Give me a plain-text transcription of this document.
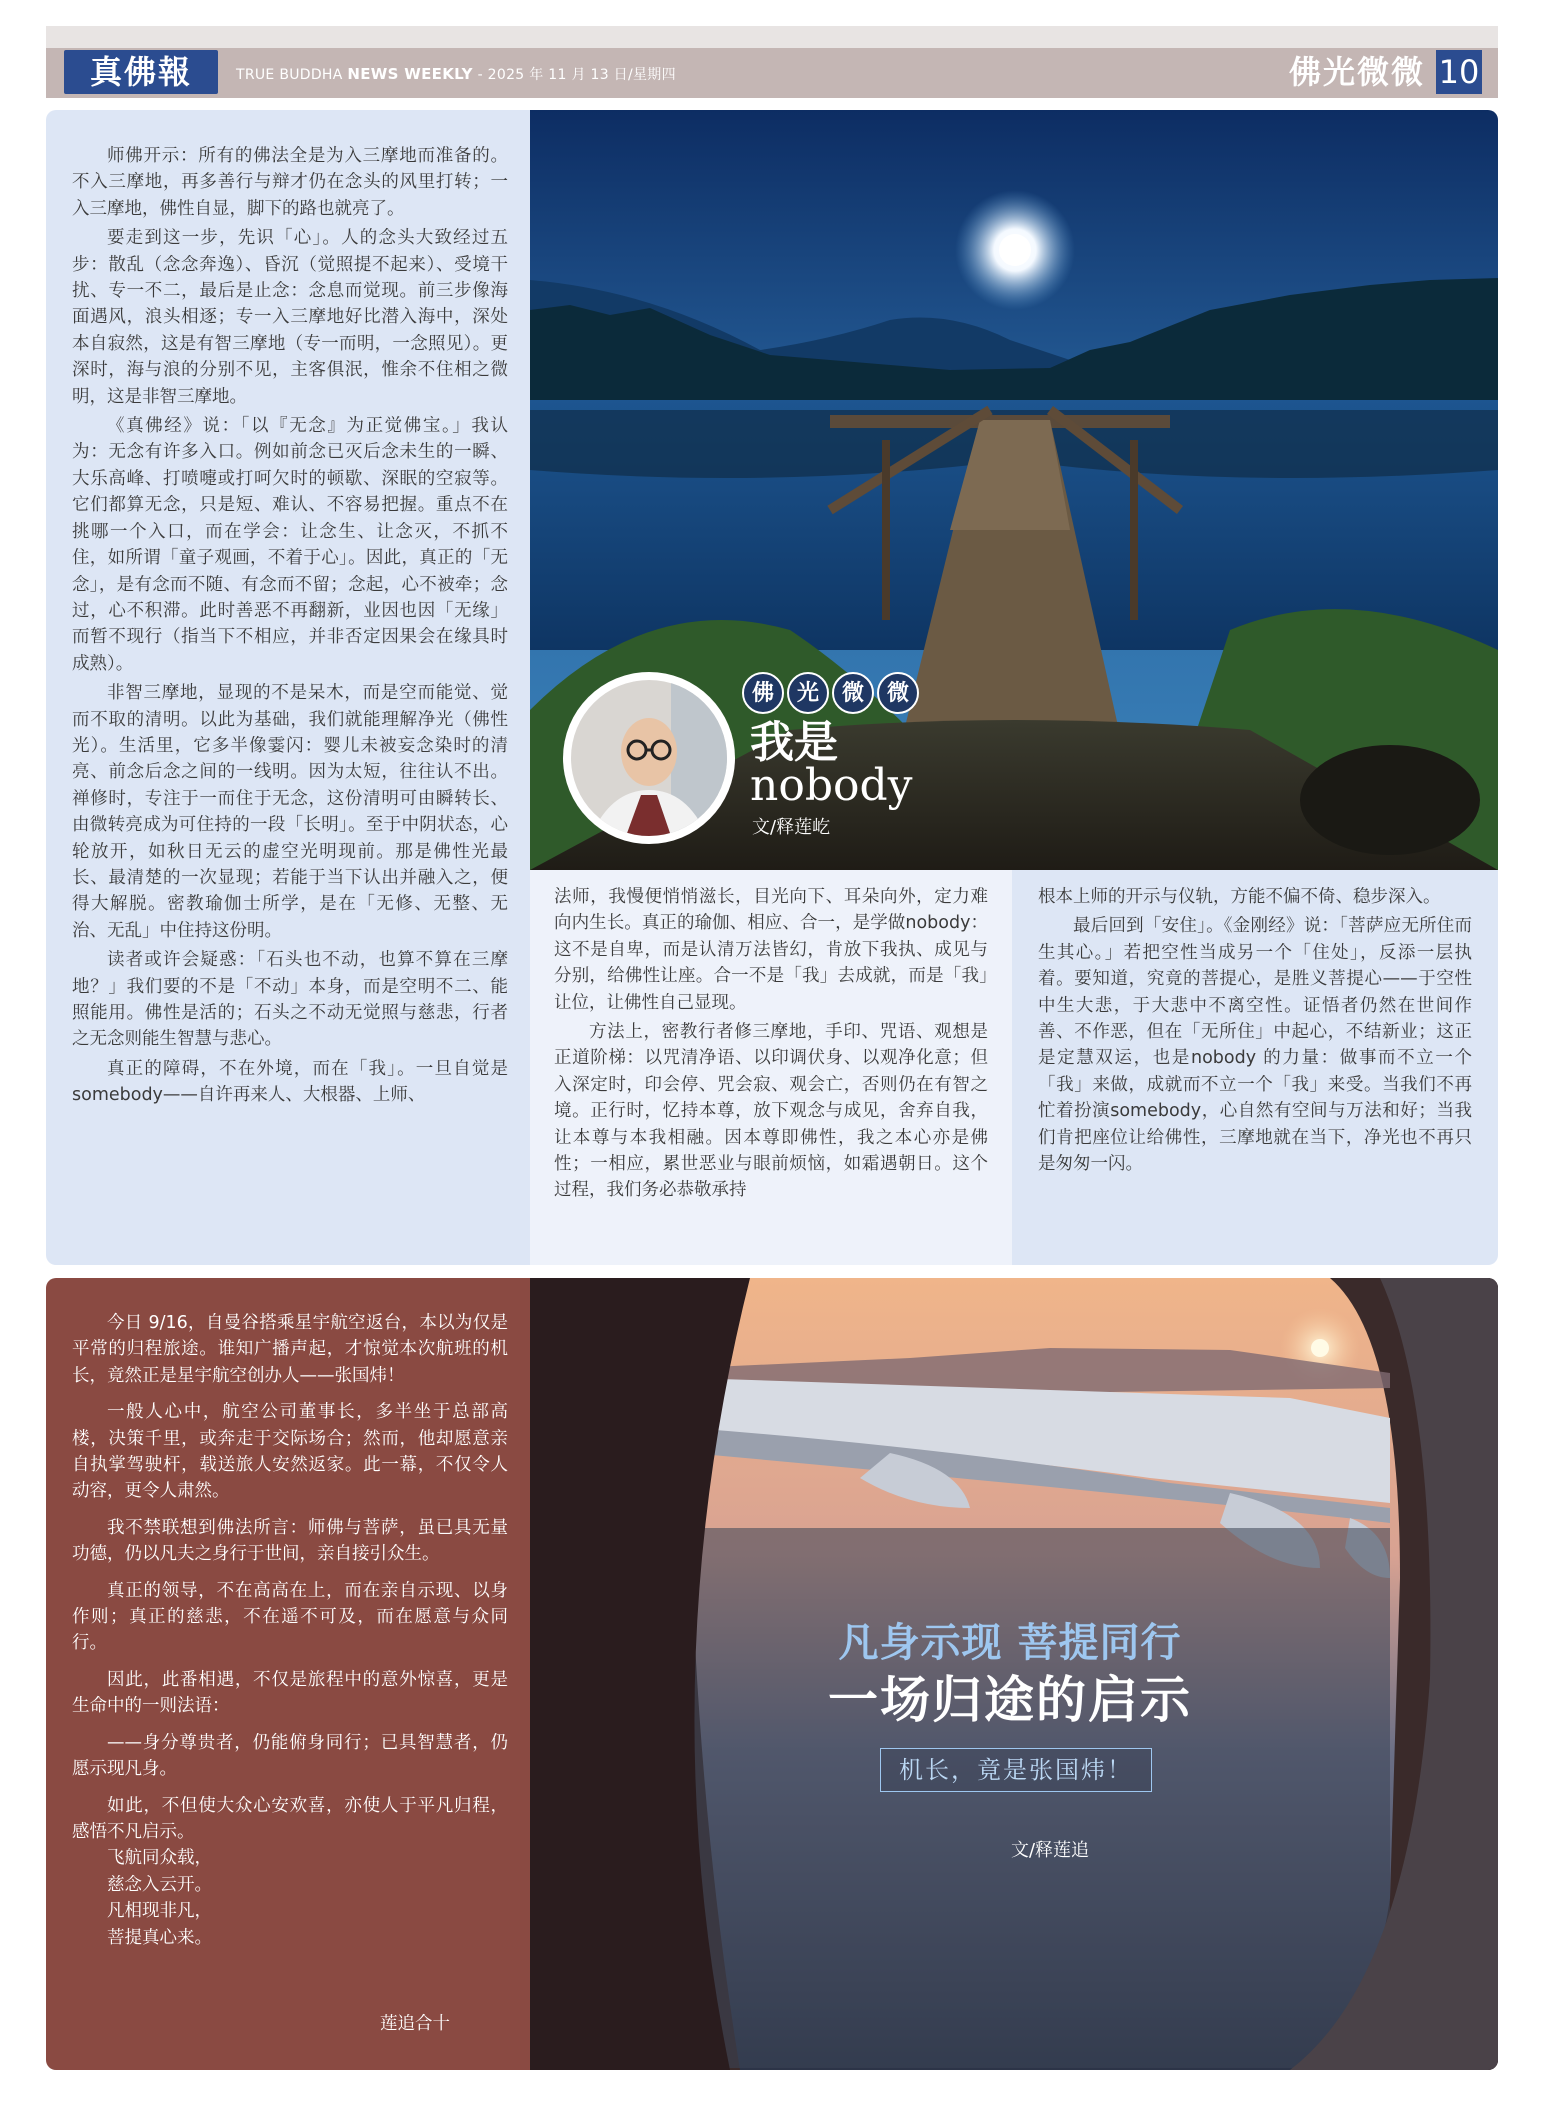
真佛報	TRUE BUDDHA NEWS WEEKLY - 2025 年 11 月 13 日/星期四	佛光微微 10
佛 光 微 微
我是
nobody
文/释莲屹

师佛开示：所有的佛法全是为入三摩地而准备的。不入三摩地，再多善行与辩才仍在念头的风里打转；一入三摩地，佛性自显，脚下的路也就亮了。

要走到这一步，先识「心」。人的念头大致经过五步：散乱（念念奔逸）、昏沉（觉照提不起来）、受境干扰、专一不二，最后是止念：念息而觉现。前三步像海面遇风，浪头相逐；专一入三摩地好比潜入海中，深处本自寂然，这是有智三摩地（专一而明，一念照见）。更深时，海与浪的分别不见，主客俱泯，惟余不住相之微明，这是非智三摩地。

《真佛经》说：「以『无念』为正觉佛宝。」我认为：无念有许多入口。例如前念已灭后念未生的一瞬、大乐高峰、打喷嚏或打呵欠时的顿歇、深眠的空寂等。它们都算无念，只是短、难认、不容易把握。重点不在挑哪一个入口，而在学会：让念生、让念灭，不抓不住，如所谓「童子观画，不着于心」。因此，真正的「无念」，是有念而不随、有念而不留；念起，心不被牵；念过，心不积滞。此时善恶不再翻新，业因也因「无缘」而暂不现行（指当下不相应，并非否定因果会在缘具时成熟）。

非智三摩地，显现的不是呆木，而是空而能觉、觉而不取的清明。以此为基础，我们就能理解净光（佛性光）。生活里，它多半像霎闪：婴儿未被妄念染时的清亮、前念后念之间的一线明。因为太短，往往认不出。禅修时，专注于一而住于无念，这份清明可由瞬转长、由微转亮成为可住持的一段「长明」。至于中阴状态，心轮放开，如秋日无云的虚空光明现前。那是佛性光最长、最清楚的一次显现；若能于当下认出并融入之，便得大解脱。密教瑜伽士所学，是在「无修、无整、无治、无乱」中住持这份明。

读者或许会疑惑：「石头也不动，也算不算在三摩地？」我们要的不是「不动」本身，而是空明不二、能照能用。佛性是活的；石头之不动无觉照与慈悲，行者之无念则能生智慧与悲心。

真正的障碍，不在外境，而在「我」。一旦自觉是somebody——自许再来人、大根器、上师、

法师，我慢便悄悄滋长，目光向下、耳朵向外，定力难向内生长。真正的瑜伽、相应、合一，是学做nobody：这不是自卑，而是认清万法皆幻，肯放下我执、成见与分别，给佛性让座。合一不是「我」去成就，而是「我」让位，让佛性自己显现。

方法上，密教行者修三摩地，手印、咒语、观想是正道阶梯：以咒清净语、以印调伏身、以观净化意；但入深定时，印会停、咒会寂、观会亡，否则仍在有智之境。正行时，忆持本尊，放下观念与成见，舍弃自我，让本尊与本我相融。因本尊即佛性，我之本心亦是佛性；一相应，累世恶业与眼前烦恼，如霜遇朝日。这个过程，我们务必恭敬承持

根本上师的开示与仪轨，方能不偏不倚、稳步深入。

最后回到「安住」。《金刚经》说：「菩萨应无所住而生其心。」若把空性当成另一个「住处」，反添一层执着。要知道，究竟的菩提心，是胜义菩提心——于空性中生大悲，于大悲中不离空性。证悟者仍然在世间作善、不作恶，但在「无所住」中起心，不结新业；这正是定慧双运，也是nobody 的力量：做事而不立一个「我」来做，成就而不立一个「我」来受。当我们不再忙着扮演somebody，心自然有空间与万法和好；当我们肯把座位让给佛性，三摩地就在当下，净光也不再只是匆匆一闪。

今日 9/16，自曼谷搭乘星宇航空返台，本以为仅是平常的归程旅途。谁知广播声起，才惊觉本次航班的机长，竟然正是星宇航空创办人——张国炜！

一般人心中，航空公司董事长，多半坐于总部高楼，决策千里，或奔走于交际场合；然而，他却愿意亲自执掌驾驶杆，载送旅人安然返家。此一幕，不仅令人动容，更令人肃然。

我不禁联想到佛法所言：师佛与菩萨，虽已具无量功德，仍以凡夫之身行于世间，亲自接引众生。

真正的领导，不在高高在上，而在亲自示现、以身作则；真正的慈悲，不在遥不可及，而在愿意与众同行。

因此，此番相遇，不仅是旅程中的意外惊喜，更是生命中的一则法语：

——身分尊贵者，仍能俯身同行；已具智慧者，仍愿示现凡身。

如此，不但使大众心安欢喜，亦使人于平凡归程，感悟不凡启示。

飞航同众载，

慈念入云开。

凡相现非凡，

菩提真心来。

莲追合十
凡身示现 菩提同行
一场归途的启示
机长，竟是张国炜！
文/释莲追
